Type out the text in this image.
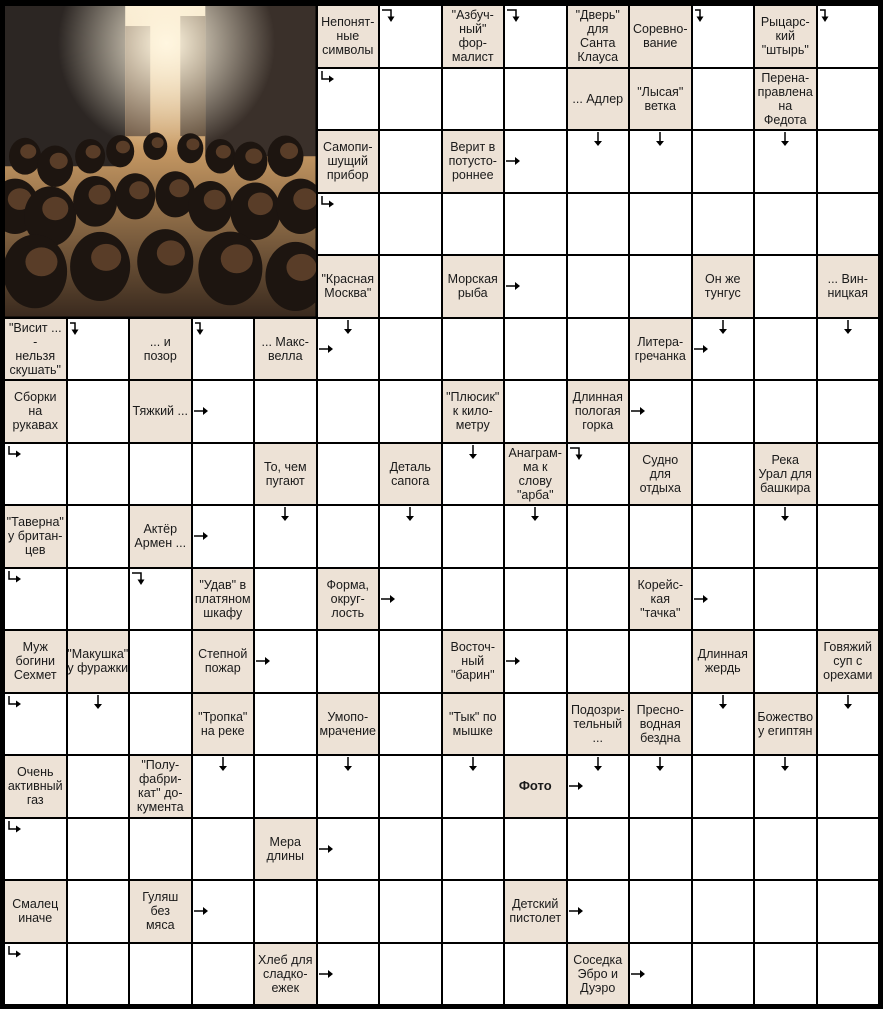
Непонят-
ные
символы
"Азбуч-
ный" фор-
малист
"Дверь"
для
Санта
Клауса
Соревно-
вание
Рыцарс-
кий
"штырь"
... Адлер	"Лысая"
ветка
Перена-
правлена
на
Федота
Самопи-
шущий
прибор
Верит в
потусто-
роннее
"Красная
Москва"
Морская
рыба
Он же
тунгус
... Вин-
ницкая
"Висит ... -
нельзя
скушать"
... и позор
... Макс-
велла
Литера-
гречанка
Сборки на
рукавах
Тяжкий ...
"Плюсик"
к кило-
метру
Длинная
пологая
горка
То, чем
пугают
Деталь
сапога
Анаграм-
ма к
слову
"арба"
Судно
для
отдыха
Река
Урал для
башкира
"Таверна"
у британ-
цев
Актёр
Армен ...
"Удав" в
платяном
шкафу
Форма,
округ-
лость
Корейс-
кая
"тачка"
Муж
богини
Сехмет
"Макушка"
у фуражки
Степной
пожар
Восточ-
ный
"барин"
Длинная
жердь
Говяжий
суп с
орехами
"Тропка"
на реке
Умопо-
мрачение
"Тык" по
мышке
Подозри-
тельный
...
Пресно-
водная
бездна
Божество
у египтян
Очень
активный
газ
"Полу-
фабри-
кат" до-
кумента
Фото
Мера
длины
Смалец
иначе
Гуляш без
мяса
Детский
пистолет
Хлеб для
сладко-
ежек
Соседка
Эбро и
Дуэро
